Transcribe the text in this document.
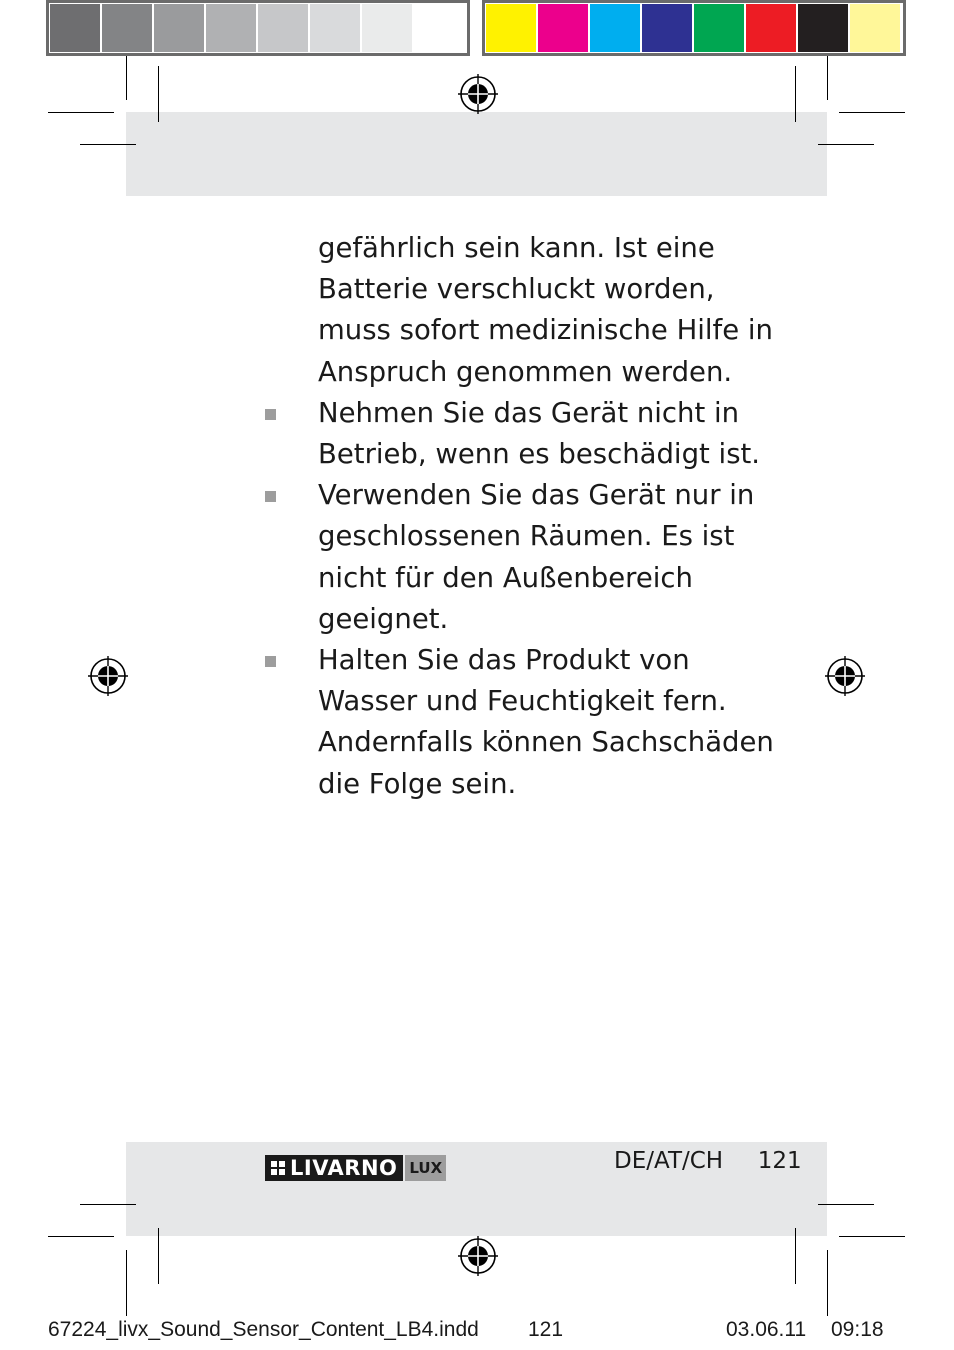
gefährlich sein kann. Ist eine Batterie verschluckt worden, muss sofort medizinische Hilfe in Anspruch genommen werden.

Nehmen Sie das Gerät nicht in Betrieb, wenn es beschädigt ist.

Verwenden Sie das Gerät nur in geschlossenen Räumen. Es ist nicht für den Außenbereich geeignet.

Halten Sie das Produkt von Wasser und Feuchtigkeit fern. Andernfalls können Sachschäden die Folge sein.

LIVARNO LUX	DE/AT/CH 121
67224_livx_Sound_Sensor_Content_LB4.indd 121	03.06.11 09:18
